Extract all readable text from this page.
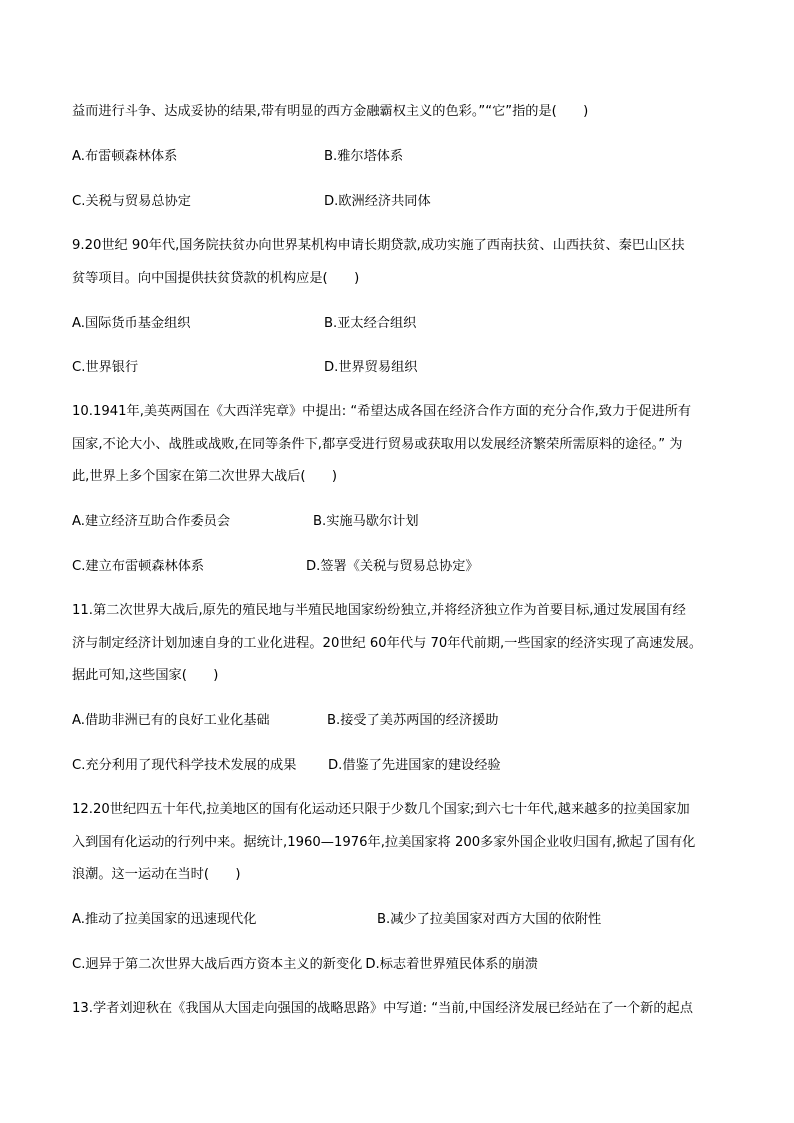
益而进行斗争、达成妥协的结果,带有明显的西方金融霸权主义的色彩。”“它”指的是(　　)
A.布雷顿森林体系	B.雅尔塔体系
C.关税与贸易总协定	D.欧洲经济共同体
9.20世纪 90年代,国务院扶贫办向世界某机构申请长期贷款,成功实施了西南扶贫、山西扶贫、秦巴山区扶
贫等项目。向中国提供扶贫贷款的机构应是(　　)
A.国际货币基金组织	B.亚太经合组织
C.世界银行	D.世界贸易组织
10.1941年,美英两国在《大西洋宪章》中提出: “希望达成各国在经济合作方面的充分合作,致力于促进所有
国家,不论大小、战胜或战败,在同等条件下,都享受进行贸易或获取用以发展经济繁荣所需原料的途径。” 为
此,世界上多个国家在第二次世界大战后(　　)
A.建立经济互助合作委员会	B.实施马歇尔计划
C.建立布雷顿森林体系	D.签署《关税与贸易总协定》
11.第二次世界大战后,原先的殖民地与半殖民地国家纷纷独立,并将经济独立作为首要目标,通过发展国有经
济与制定经济计划加速自身的工业化进程。20世纪 60年代与 70年代前期,一些国家的经济实现了高速发展。
据此可知,这些国家(　　)
A.借助非洲已有的良好工业化基础	B.接受了美苏两国的经济援助
C.充分利用了现代科学技术发展的成果 D.借鉴了先进国家的建设经验
12.20世纪四五十年代,拉美地区的国有化运动还只限于少数几个国家;到六七十年代,越来越多的拉美国家加
入到国有化运动的行列中来。据统计,1960—1976年,拉美国家将 200多家外国企业收归国有,掀起了国有化
浪潮。这一运动在当时(　　)
A.推动了拉美国家的迅速现代化	B.减少了拉美国家对西方大国的依附性
C.迥异于第二次世界大战后西方资本主义的新变化 D.标志着世界殖民体系的崩溃
13.学者刘迎秋在《我国从大国走向强国的战略思路》中写道: “当前,中国经济发展已经站在了一个新的起点
